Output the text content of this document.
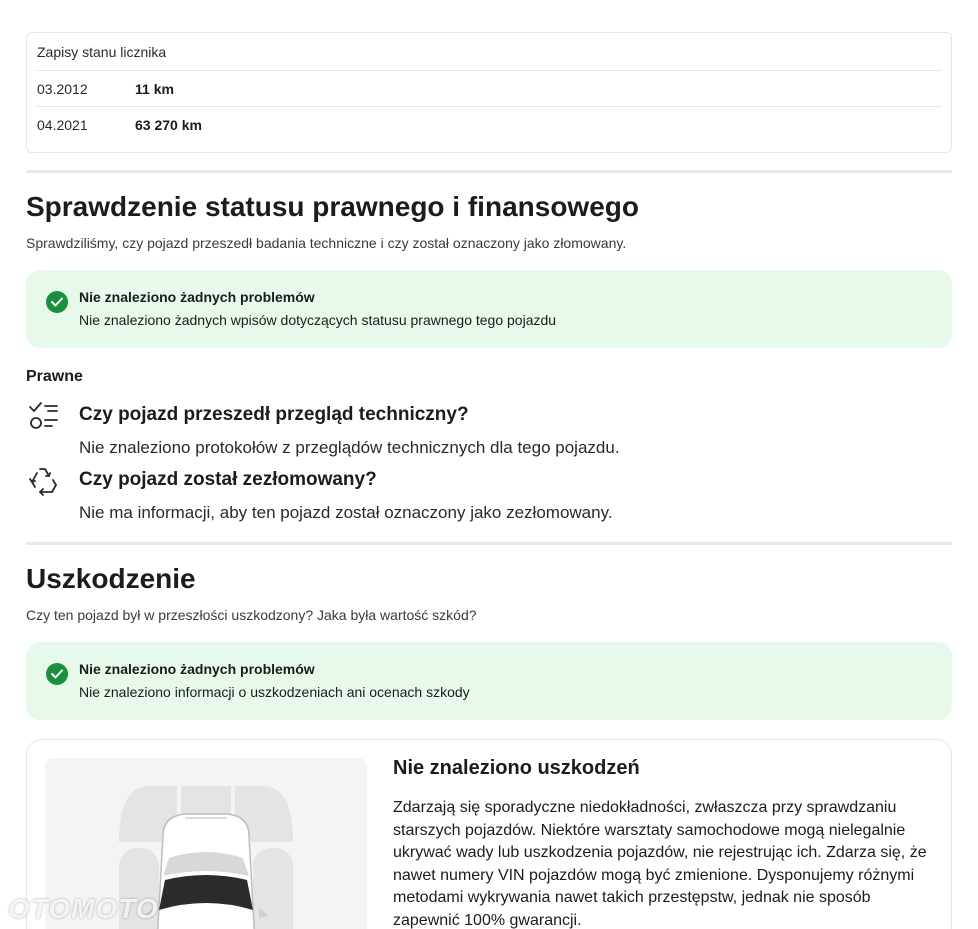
Zapisy stanu licznika
03.2012	11 km
04.2021	63 270 km
Sprawdzenie statusu prawnego i finansowego
Sprawdziliśmy, czy pojazd przeszedł badania techniczne i czy został oznaczony jako złomowany.
Nie znaleziono żadnych problemów
Nie znaleziono żadnych wpisów dotyczących statusu prawnego tego pojazdu
Prawne
Czy pojazd przeszedł przegląd techniczny?
Nie znaleziono protokołów z przeglądów technicznych dla tego pojazdu.
Czy pojazd został zezłomowany?
Nie ma informacji, aby ten pojazd został oznaczony jako zezłomowany.
Uszkodzenie
Czy ten pojazd był w przeszłości uszkodzony? Jaka była wartość szkód?
Nie znaleziono żadnych problemów
Nie znaleziono informacji o uszkodzeniach ani ocenach szkody
Nie znaleziono uszkodzeń
Zdarzają się sporadyczne niedokładności, zwłaszcza przy sprawdzaniu starszych pojazdów. Niektóre warsztaty samochodowe mogą nielegalnie ukrywać wady lub uszkodzenia pojazdów, nie rejestrując ich. Zdarza się, że nawet numery VIN pojazdów mogą być zmienione. Dysponujemy różnymi metodami wykrywania nawet takich przestępstw, jednak nie sposób zapewnić 100% gwarancji.
OTOMOTO
